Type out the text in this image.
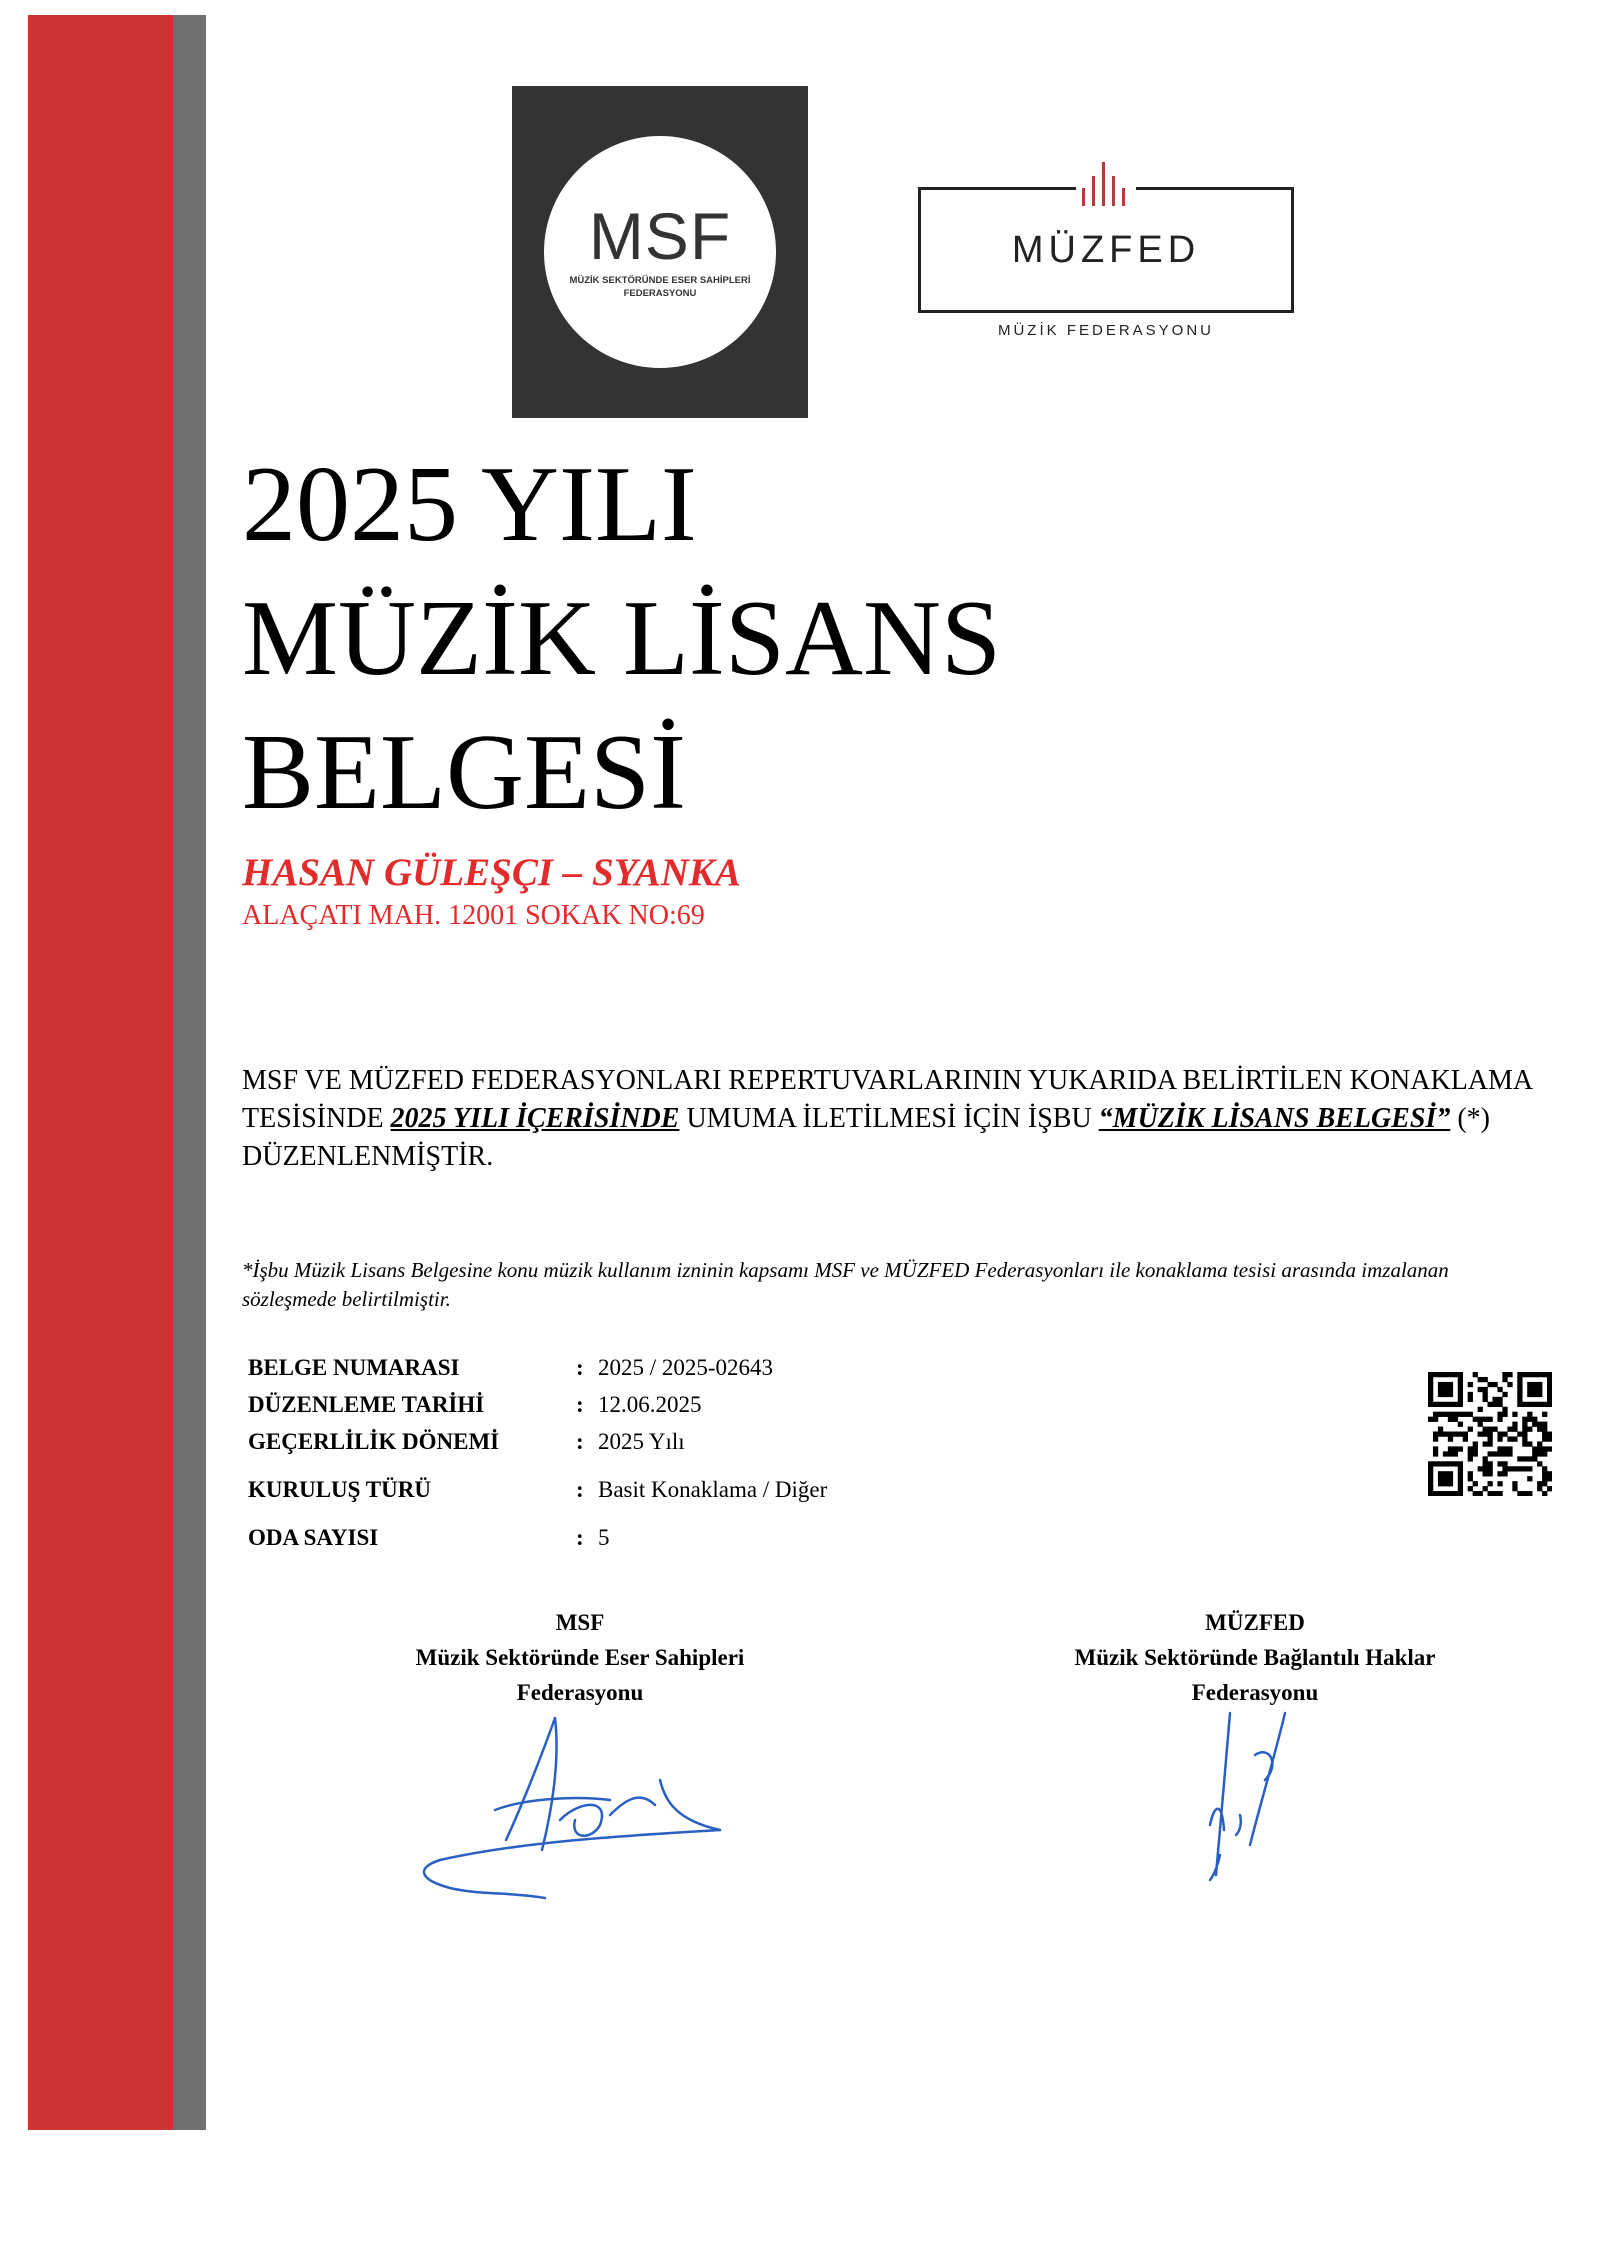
MSF
MÜZİK SEKTÖRÜNDE ESER SAHİPLERİ
FEDERASYONU
MÜZFED
MÜZİK FEDERASYONU
2025 YILI
MÜZİK LİSANS
BELGESİ
HASAN GÜLEŞÇI – SYANKA
ALAÇATI MAH. 12001 SOKAK NO:69
MSF VE MÜZFED FEDERASYONLARI REPERTUVARLARININ YUKARIDA BELİRTİLEN KONAKLAMA TESİSİNDE 2025 YILI İÇERİSİNDE UMUMA İLETİLMESİ İÇİN İŞBU “MÜZİK LİSANS BELGESİ” (*) DÜZENLENMİŞTİR.
*İşbu Müzik Lisans Belgesine konu müzik kullanım izninin kapsamı MSF ve MÜZFED Federasyonları ile konaklama tesisi arasında imzalanan sözleşmede belirtilmiştir.
BELGE NUMARASI	: 2025 / 2025-02643
DÜZENLEME TARİHİ	: 12.06.2025
GEÇERLİLİK DÖNEMİ	: 2025 Yılı
KURULUŞ TÜRÜ	: Basit Konaklama / Diğer
ODA SAYISI	: 5
MSF
Müzik Sektöründe Eser Sahipleri
Federasyonu
MÜZFED
Müzik Sektöründe Bağlantılı Haklar
Federasyonu
